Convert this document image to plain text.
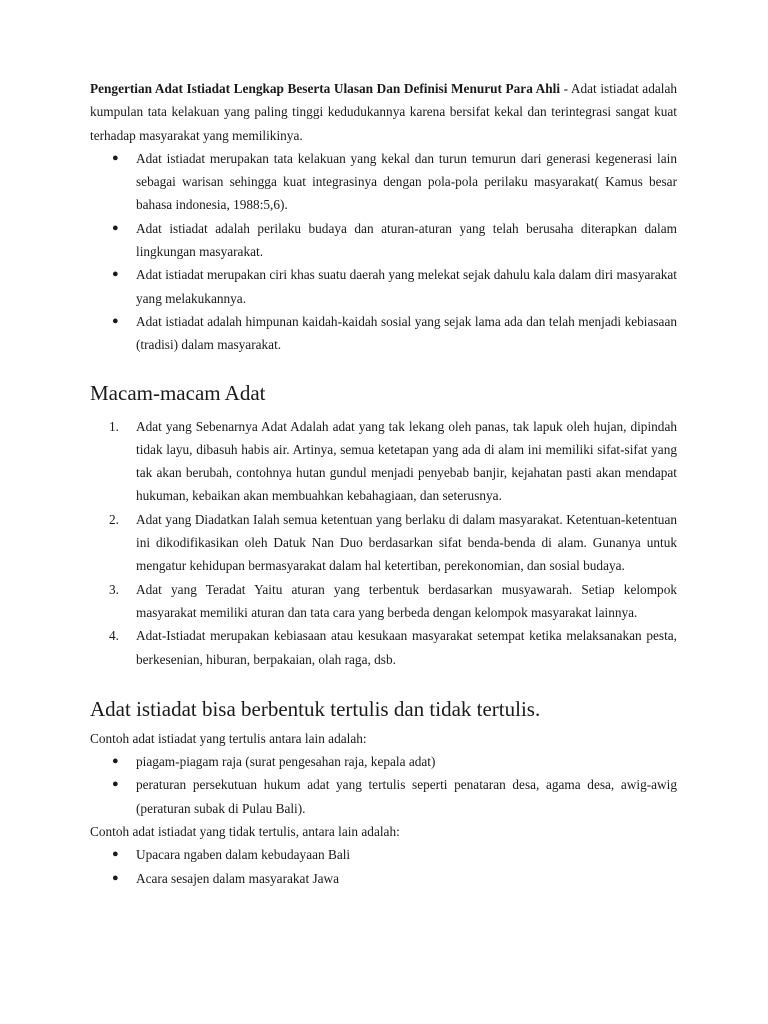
Pengertian Adat Istiadat Lengkap Beserta Ulasan Dan Definisi Menurut Para Ahli - Adat istiadat adalah kumpulan tata kelakuan yang paling tinggi kedudukannya karena bersifat kekal dan terintegrasi sangat kuat terhadap masyarakat yang memilikinya.

●	Adat istiadat merupakan tata kelakuan yang kekal dan turun temurun dari generasi kegenerasi lain sebagai warisan sehingga kuat integrasinya dengan pola-pola perilaku masyarakat( Kamus besar bahasa indonesia, 1988:5,6).
●	Adat istiadat adalah perilaku budaya dan aturan-aturan yang telah berusaha diterapkan dalam lingkungan masyarakat.
●	Adat istiadat merupakan ciri khas suatu daerah yang melekat sejak dahulu kala dalam diri masyarakat yang melakukannya.
●	Adat istiadat adalah himpunan kaidah-kaidah sosial yang sejak lama ada dan telah menjadi kebiasaan (tradisi) dalam masyarakat.
Macam-macam Adat
1.	Adat yang Sebenarnya Adat Adalah adat yang tak lekang oleh panas, tak lapuk oleh hujan, dipindah tidak layu, dibasuh habis air. Artinya, semua ketetapan yang ada di alam ini memiliki sifat-sifat yang tak akan berubah, contohnya hutan gundul menjadi penyebab banjir, kejahatan pasti akan mendapat hukuman, kebaikan akan membuahkan kebahagiaan, dan seterusnya.
2.	Adat yang Diadatkan Ialah semua ketentuan yang berlaku di dalam masyarakat. Ketentuan-ketentuan ini dikodifikasikan oleh Datuk Nan Duo berdasarkan sifat benda-benda di alam. Gunanya untuk mengatur kehidupan bermasyarakat dalam hal ketertiban, perekonomian, dan sosial budaya.
3.	Adat yang Teradat Yaitu aturan yang terbentuk berdasarkan musyawarah. Setiap kelompok masyarakat memiliki aturan dan tata cara yang berbeda dengan kelompok masyarakat lainnya.
4.	Adat-Istiadat merupakan kebiasaan atau kesukaan masyarakat setempat ketika melaksanakan pesta, berkesenian, hiburan, berpakaian, olah raga, dsb.
Adat istiadat bisa berbentuk tertulis dan tidak tertulis.

Contoh adat istiadat yang tertulis antara lain adalah:

●	piagam-piagam raja (surat pengesahan raja, kepala adat)
●	peraturan persekutuan hukum adat yang tertulis seperti penataran desa, agama desa, awig-awig (peraturan subak di Pulau Bali).

Contoh adat istiadat yang tidak tertulis, antara lain adalah:

●	Upacara ngaben dalam kebudayaan Bali
●	Acara sesajen dalam masyarakat Jawa
